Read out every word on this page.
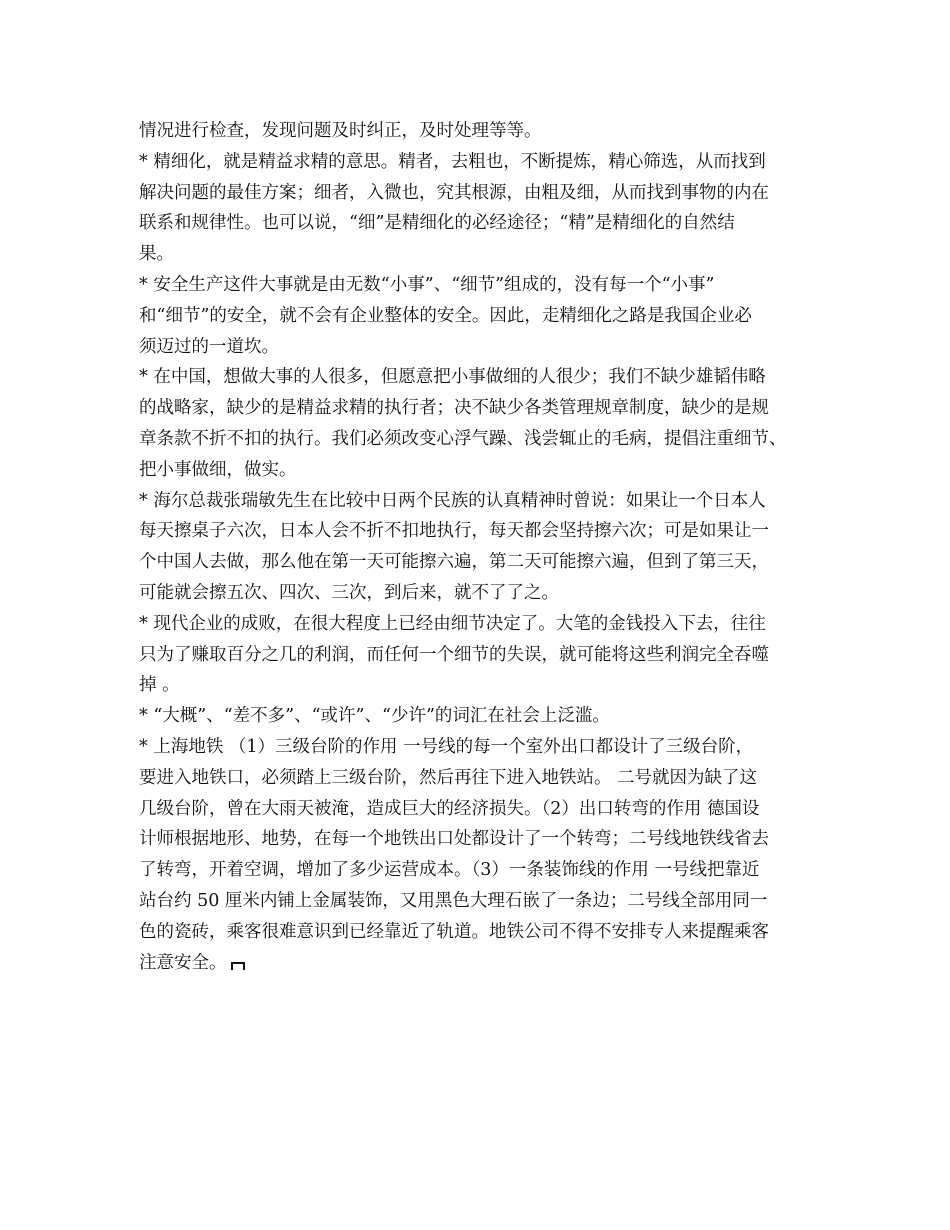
情况进行检查，发现问题及时纠正，及时处理等等。
* 精细化，就是精益求精的意思。精者，去粗也，不断提炼，精心筛选，从而找到
解决问题的最佳方案；细者，入微也，究其根源，由粗及细，从而找到事物的内在
联系和规律性。也可以说，“细”是精细化的必经途径；“精”是精细化的自然结
果。
* 安全生产这件大事就是由无数“小事”、“细节”组成的，没有每一个“小事”
和“细节”的安全，就不会有企业整体的安全。因此，走精细化之路是我国企业必
须迈过的一道坎。
* 在中国，想做大事的人很多，但愿意把小事做细的人很少；我们不缺少雄韬伟略
的战略家，缺少的是精益求精的执行者；决不缺少各类管理规章制度，缺少的是规
章条款不折不扣的执行。我们必须改变心浮气躁、浅尝辄止的毛病，提倡注重细节、
把小事做细，做实。
* 海尔总裁张瑞敏先生在比较中日两个民族的认真精神时曾说：如果让一个日本人
每天擦桌子六次，日本人会不折不扣地执行，每天都会坚持擦六次；可是如果让一
个中国人去做，那么他在第一天可能擦六遍，第二天可能擦六遍，但到了第三天，
可能就会擦五次、四次、三次，到后来，就不了了之。
* 现代企业的成败，在很大程度上已经由细节决定了。大笔的金钱投入下去，往往
只为了赚取百分之几的利润，而任何一个细节的失误，就可能将这些利润完全吞噬
掉 。
* “大概”、“差不多”、“或许”、“少许”的词汇在社会上泛滥。
* 上海地铁 （1）三级台阶的作用 一号线的每一个室外出口都设计了三级台阶，
要进入地铁口，必须踏上三级台阶，然后再往下进入地铁站。 二号就因为缺了这
几级台阶，曾在大雨天被淹，造成巨大的经济损失。（2）出口转弯的作用 德国设
计师根据地形、地势，在每一个地铁出口处都设计了一个转弯；二号线地铁线省去
了转弯，开着空调，增加了多少运营成本。（3）一条装饰线的作用 一号线把靠近
站台约 50 厘米内铺上金属装饰，又用黑色大理石嵌了一条边；二号线全部用同一
色的瓷砖，乘客很难意识到已经靠近了轨道。地铁公司不得不安排专人来提醒乘客
注意安全。
